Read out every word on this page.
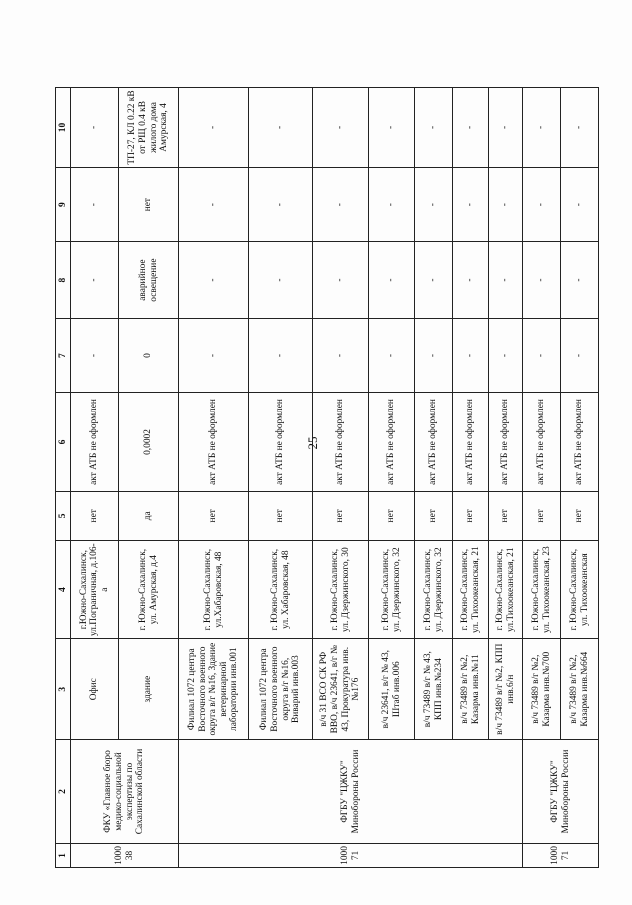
25
1	2	3	4	5	6	7	8	9	10
100038	ФКУ «Главное бюро медико-социальной экспертизы по Сахалинской области	Офис	г.Южно-Сахалинск, ул.Пограничная, д.106-а	нет	акт АТБ не оформлен	-	-	-	-
		здание	г. Южно-Сахалинск, ул. Амурская, д.4	да	0,0002	0	аварийное освещение	нет	ТП-27, КЛ 0.22 кВ от РЩ 0.4 кВ жилого дома Амурская, 4
100071	ФГБУ "ЦЖКУ" Минобороны России	Филиал 1072 центра Восточного военного округа в/г №16, Здание ветеринарной лаборатории инв.001	г. Южно-Сахалинск, ул.Хабаровская, 48	нет	акт АТБ не оформлен	-	-	-	-
		Филиал 1072 центра Восточного военного округа в/г №16, Виварий инв.003	г. Южно-Сахалинск, ул. Хабаровская, 48	нет	акт АТБ не оформлен	-	-	-	-
		в/ч 31 ВСО СК РФ ВВО, в/ч 23641, в/г № 43, Прокуратура инв.№176	г. Южно-Сахалинск, ул. Дзержинского, 30	нет	акт АТБ не оформлен	-	-	-	-
		в/ч 23641, в/г № 43, Штаб инв.006	г. Южно-Сахалинск, ул. Дзержинского, 32	нет	акт АТБ не оформлен	-	-	-	-
		в/ч 73489 в/г № 43, КПП инв.№234	г. Южно-Сахалинск, ул. Дзержинского, 32	нет	акт АТБ не оформлен	-	-	-	-
		в/ч 73489 в/г №2, Казарма инв.№11	г. Южно-Сахалинск, ул. Тихоокеанская, 21	нет	акт АТБ не оформлен	-	-	-	-
		в/ч 73489 в/г №2, КПП инв.6/н	г. Южно-Сахалинск, ул.Тихоокеанская, 21	нет	акт АТБ не оформлен	-	-	-	-
100071	ФГБУ "ЦЖКУ" Минобороны России	в/ч 73489 в/г №2, Казарма инв.№700	г. Южно-Сахалинск, ул. Тихоокеанская, 23	нет	акт АТБ не оформлен	-	-	-	-
		в/ч 73489 в/г №2, Казарма инв.№664	г. Южно-Сахалинск, ул. Тихоокеанская	нет	акт АТБ не оформлен	-	-	-	-
